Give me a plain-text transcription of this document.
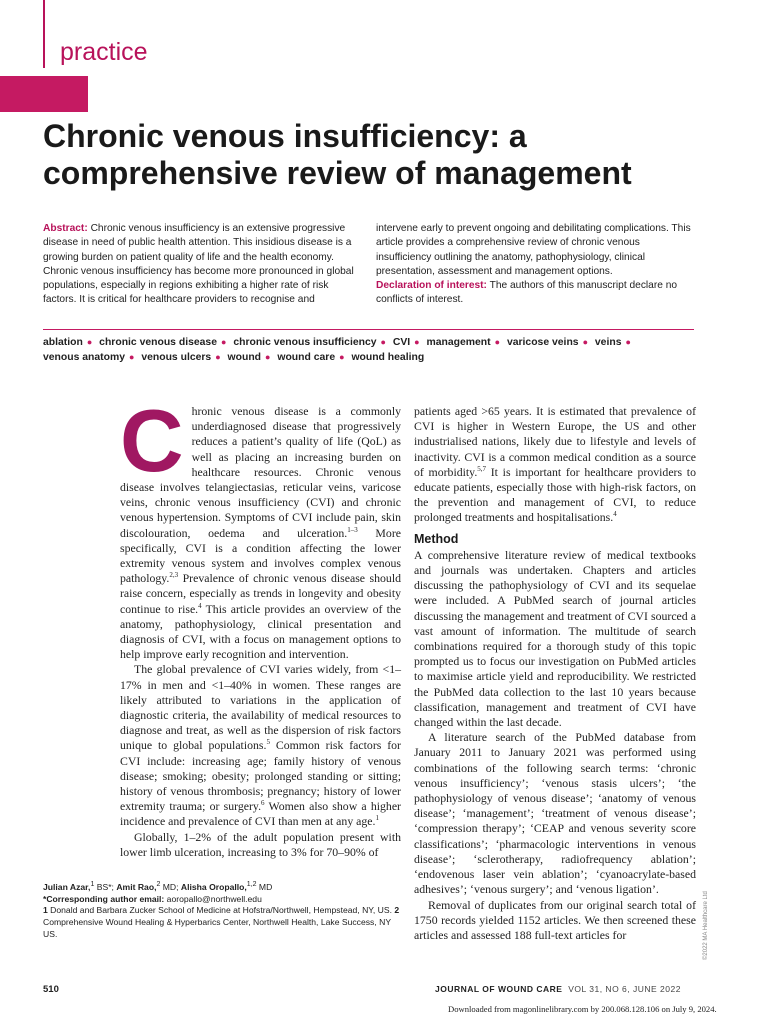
practice
Chronic venous insufficiency: a comprehensive review of management
Abstract: Chronic venous insufficiency is an extensive progressive disease in need of public health attention. This insidious disease is a growing burden on patient quality of life and the health economy. Chronic venous insufficiency has become more pronounced in global populations, especially in regions exhibiting a higher rate of risk factors. It is critical for healthcare providers to recognise and
intervene early to prevent ongoing and debilitating complications. This article provides a comprehensive review of chronic venous insufficiency outlining the anatomy, pathophysiology, clinical presentation, assessment and management options.
Declaration of interest: The authors of this manuscript declare no conflicts of interest.
ablation ● chronic venous disease ● chronic venous insufficiency ● CVI ● management ● varicose veins ● veins ●
venous anatomy ● venous ulcers ● wound ● wound care ● wound healing

Chronic venous disease is a commonly underdiagnosed disease that progressively reduces a patient’s quality of life (QoL) as well as placing an increasing burden on healthcare resources. Chronic venous disease involves telangiectasias, reticular veins, varicose veins, chronic venous insufficiency (CVI) and chronic venous hypertension. Symptoms of CVI include pain, skin discolouration, oedema and ulceration.$^{1-3}$ More specifically, CVI is a condition affecting the lower extremity venous system and involves complex venous pathology.$^{2,3}$ Prevalence of chronic venous disease should raise concern, especially as trends in longevity and obesity continue to rise.$^4$ This article provides an overview of the anatomy, pathophysiology, clinical presentation and diagnosis of CVI, with a focus on management options to help improve early recognition and intervention.

The global prevalence of CVI varies widely, from <1–17% in men and <1–40% in women. These ranges are likely attributed to variations in the application of diagnostic criteria, the availability of medical resources to diagnose and treat, as well as the dispersion of risk factors unique to global populations.$^5$ Common risk factors for CVI include: increasing age; family history of venous disease; smoking; obesity; prolonged standing or sitting; history of venous thrombosis; pregnancy; history of lower extremity trauma; or surgery.$^6$ Women also show a higher incidence and prevalence of CVI than men at any age.$^1$

Globally, 1–2% of the adult population present with lower limb ulceration, increasing to 3% for 70–90% of

patients aged >65 years. It is estimated that prevalence of CVI is higher in Western Europe, the US and other industrialised nations, likely due to lifestyle and levels of inactivity. CVI is a common medical condition as a source of morbidity.$^{5,7}$ It is important for healthcare providers to educate patients, especially those with high-risk factors, on the prevention and management of CVI, to reduce prolonged treatments and hospitalisations.$^4$

Method

A comprehensive literature review of medical textbooks and journals was undertaken. Chapters and articles discussing the pathophysiology of CVI and its sequelae were included. A PubMed search of journal articles discussing the management and treatment of CVI sourced a vast amount of information. The multitude of search combinations required for a thorough study of this topic prompted us to focus our investigation on PubMed articles to maximise article yield and reproducibility. We restricted the PubMed data collection to the last 10 years because classification, management and treatment of CVI have changed within the last decade.

A literature search of the PubMed database from January 2011 to January 2021 was performed using combinations of the following search terms: ‘chronic venous insufficiency’; ‘venous stasis ulcers’; ‘the pathophysiology of venous disease’; ‘anatomy of venous disease’; ‘management’; ‘treatment of venous disease’; ‘compression therapy’; ‘CEAP and venous severity score classifications’; ‘pharmacologic interventions in venous disease’; ‘sclerotherapy, radiofrequency ablation’; ‘endovenous laser vein ablation’; ‘cyanoacrylate-based adhesives’; ‘venous surgery’; and ‘venous ligation’.

Removal of duplicates from our original search total of 1750 records yielded 1152 articles. We then screened these articles and assessed 188 full-text articles for

Julian Azar,$^1$ BS*; Amit Rao,$^2$ MD; Alisha Oropallo,$^{1,2}$ MD
*Corresponding author email: aoropallo@northwell.edu
1 Donald and Barbara Zucker School of Medicine at Hofstra/Northwell, Hempstead, NY, US. 2 Comprehensive Wound Healing & Hyperbarics Center, Northwell Health, Lake Success, NY US.	©2022 MA Healthcare Ltd
510	JOURNAL OF WOUND CARE VOL 31, NO 6, JUNE 2022
Downloaded from magonlinelibrary.com by 200.068.128.106 on July 9, 2024.
